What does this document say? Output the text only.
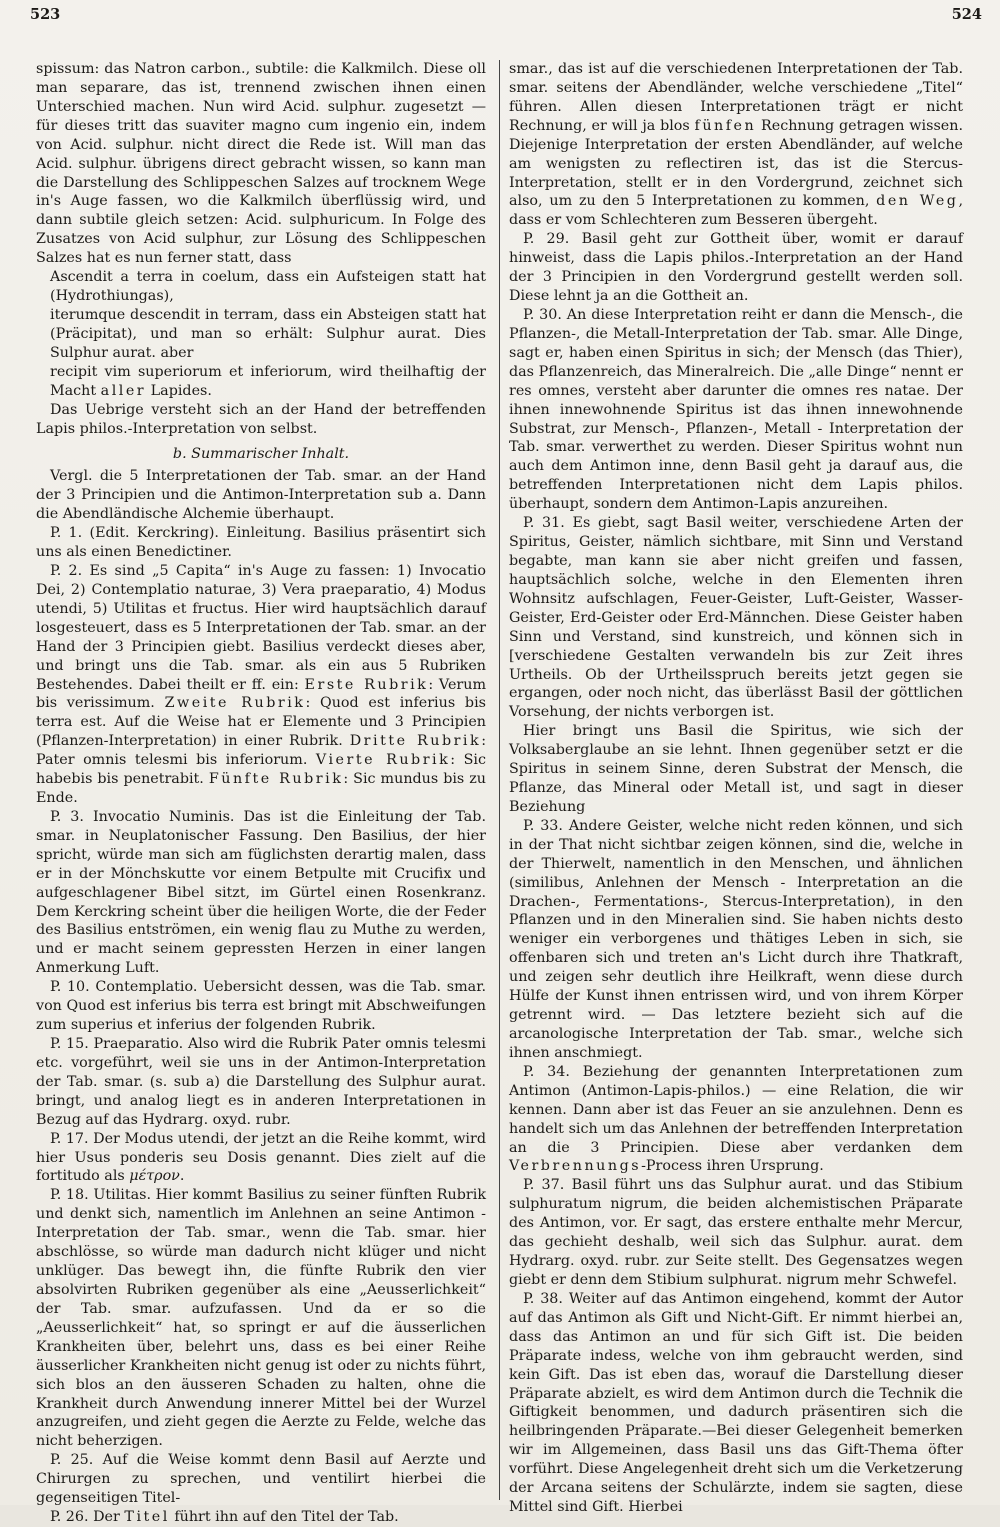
523	524

spissum: das Natron carbon., subtile: die Kalkmilch. Diese oll man separare, das ist, trennend zwischen ihnen einen Unterschied machen. Nun wird Acid. sulphur. zugesetzt — für dieses tritt das suaviter magno cum ingenio ein, indem von Acid. sulphur. nicht direct die Rede ist. Will man das Acid. sulphur. übrigens direct gebracht wissen, so kann man die Darstellung des Schlippeschen Salzes auf trocknem Wege in's Auge fassen, wo die Kalkmilch überflüssig wird, und dann subtile gleich setzen: Acid. sulphuricum. In Folge des Zusatzes von Acid sulphur, zur Lösung des Schlippeschen Salzes hat es nun ferner statt, dass

Ascendit a terra in coelum, dass ein Aufsteigen statt hat (Hydrothiungas),

iterumque descendit in terram, dass ein Absteigen statt hat (Präcipitat), und man so erhält: Sulphur aurat. Dies Sulphur aurat. aber

recipit vim superiorum et inferiorum, wird theilhaftig der Macht aller Lapides.

Das Uebrige versteht sich an der Hand der betreffenden Lapis philos.-Interpretation von selbst.

b. Summarischer Inhalt.

Vergl. die 5 Interpretationen der Tab. smar. an der Hand der 3 Principien und die Antimon-Interpretation sub a. Dann die Abendländische Alchemie überhaupt.

P. 1. (Edit. Kerckring). Einleitung. Basilius präsentirt sich uns als einen Benedictiner.

P. 2. Es sind „5 Capita“ in's Auge zu fassen: 1) Invocatio Dei, 2) Contemplatio naturae, 3) Vera praeparatio, 4) Modus utendi, 5) Utilitas et fructus. Hier wird hauptsächlich darauf losgesteuert, dass es 5 Interpretationen der Tab. smar. an der Hand der 3 Principien giebt. Basilius verdeckt dieses aber, und bringt uns die Tab. smar. als ein aus 5 Rubriken Bestehendes. Dabei theilt er ff. ein: Erste Rubrik: Verum bis verissimum. Zweite Rubrik: Quod est inferius bis terra est. Auf die Weise hat er Elemente und 3 Principien (Pflanzen-Interpretation) in einer Rubrik. Dritte Rubrik: Pater omnis telesmi bis inferiorum. Vierte Rubrik: Sic habebis bis penetrabit. Fünfte Rubrik: Sic mundus bis zu Ende.

P. 3. Invocatio Numinis. Das ist die Einleitung der Tab. smar. in Neuplatonischer Fassung. Den Basilius, der hier spricht, würde man sich am füglichsten derartig malen, dass er in der Mönchskutte vor einem Betpulte mit Crucifix und aufgeschlagener Bibel sitzt, im Gürtel einen Rosenkranz. Dem Kerckring scheint über die heiligen Worte, die der Feder des Basilius entströmen, ein wenig flau zu Muthe zu werden, und er macht seinem gepressten Herzen in einer langen Anmerkung Luft.

P. 10. Contemplatio. Uebersicht dessen, was die Tab. smar. von Quod est inferius bis terra est bringt mit Abschweifungen zum superius et inferius der folgenden Rubrik.

P. 15. Praeparatio. Also wird die Rubrik Pater omnis telesmi etc. vorgeführt, weil sie uns in der Antimon-Interpretation der Tab. smar. (s. sub a) die Darstellung des Sulphur aurat. bringt, und analog liegt es in anderen Interpretationen in Bezug auf das Hydrarg. oxyd. rubr.

P. 17. Der Modus utendi, der jetzt an die Reihe kommt, wird hier Usus ponderis seu Dosis genannt. Dies zielt auf die fortitudo als μέτρον.

P. 18. Utilitas. Hier kommt Basilius zu seiner fünften Rubrik und denkt sich, namentlich im Anlehnen an seine Antimon - Interpretation der Tab. smar., wenn die Tab. smar. hier abschlösse, so würde man dadurch nicht klüger und nicht unklüger. Das bewegt ihn, die fünfte Rubrik den vier absolvirten Rubriken gegenüber als eine „Aeusserlichkeit“ der Tab. smar. aufzufassen. Und da er so die „Aeusserlichkeit“ hat, so springt er auf die äusserlichen Krankheiten über, belehrt uns, dass es bei einer Reihe äusserlicher Krankheiten nicht genug ist oder zu nichts führt, sich blos an den äusseren Schaden zu halten, ohne die Krankheit durch Anwendung innerer Mittel bei der Wurzel anzugreifen, und zieht gegen die Aerzte zu Felde, welche das nicht beherzigen.

P. 25. Auf die Weise kommt denn Basil auf Aerzte und Chirurgen zu sprechen, und ventilirt hierbei die gegenseitigen Titel-

P. 26. Der Titel führt ihn auf den Titel der Tab.

smar., das ist auf die verschiedenen Interpretationen der Tab. smar. seitens der Abendländer, welche verschiedene „Titel“ führen. Allen diesen Interpretationen trägt er nicht Rechnung, er will ja blos fünfen Rechnung getragen wissen. Diejenige Interpretation der ersten Abendländer, auf welche am wenigsten zu reflectiren ist, das ist die Stercus-Interpretation, stellt er in den Vordergrund, zeichnet sich also, um zu den 5 Interpretationen zu kommen, den Weg, dass er vom Schlechteren zum Besseren übergeht.

P. 29. Basil geht zur Gottheit über, womit er darauf hinweist, dass die Lapis philos.-Interpretation an der Hand der 3 Principien in den Vordergrund gestellt werden soll. Diese lehnt ja an die Gottheit an.

P. 30. An diese Interpretation reiht er dann die Mensch-, die Pflanzen-, die Metall-Interpretation der Tab. smar. Alle Dinge, sagt er, haben einen Spiritus in sich; der Mensch (das Thier), das Pflanzenreich, das Mineralreich. Die „alle Dinge“ nennt er res omnes, versteht aber darunter die omnes res natae. Der ihnen innewohnende Spiritus ist das ihnen innewohnende Substrat, zur Mensch-, Pflanzen-, Metall - Interpretation der Tab. smar. verwerthet zu werden. Dieser Spiritus wohnt nun auch dem Antimon inne, denn Basil geht ja darauf aus, die betreffenden Interpretationen nicht dem Lapis philos. überhaupt, sondern dem Antimon-Lapis anzureihen.

P. 31. Es giebt, sagt Basil weiter, verschiedene Arten der Spiritus, Geister, nämlich sichtbare, mit Sinn und Verstand begabte, man kann sie aber nicht greifen und fassen, hauptsächlich solche, welche in den Elementen ihren Wohnsitz aufschlagen, Feuer-Geister, Luft-Geister, Wasser-Geister, Erd-Geister oder Erd-Männchen. Diese Geister haben Sinn und Verstand, sind kunstreich, und können sich in [verschiedene Gestalten verwandeln bis zur Zeit ihres Urtheils. Ob der Urtheilsspruch bereits jetzt gegen sie ergangen, oder noch nicht, das überlässt Basil der göttlichen Vorsehung, der nichts verborgen ist.

Hier bringt uns Basil die Spiritus, wie sich der Volksaberglaube an sie lehnt. Ihnen gegenüber setzt er die Spiritus in seinem Sinne, deren Substrat der Mensch, die Pflanze, das Mineral oder Metall ist, und sagt in dieser Beziehung

P. 33. Andere Geister, welche nicht reden können, und sich in der That nicht sichtbar zeigen können, sind die, welche in der Thierwelt, namentlich in den Menschen, und ähnlichen (similibus, Anlehnen der Mensch - Interpretation an die Drachen-, Fermentations-, Stercus-Interpretation), in den Pflanzen und in den Mineralien sind. Sie haben nichts desto weniger ein verborgenes und thätiges Leben in sich, sie offenbaren sich und treten an's Licht durch ihre Thatkraft, und zeigen sehr deutlich ihre Heilkraft, wenn diese durch Hülfe der Kunst ihnen entrissen wird, und von ihrem Körper getrennt wird. — Das letztere bezieht sich auf die arcanologische Interpretation der Tab. smar., welche sich ihnen anschmiegt.

P. 34. Beziehung der genannten Interpretationen zum Antimon (Antimon-Lapis-philos.) — eine Relation, die wir kennen. Dann aber ist das Feuer an sie anzulehnen. Denn es handelt sich um das Anlehnen der betreffenden Interpretation an die 3 Principien. Diese aber verdanken dem Verbrennungs-Process ihren Ursprung.

P. 37. Basil führt uns das Sulphur aurat. und das Stibium sulphuratum nigrum, die beiden alchemistischen Präparate des Antimon, vor. Er sagt, das erstere enthalte mehr Mercur, das gechieht deshalb, weil sich das Sulphur. aurat. dem Hydrarg. oxyd. rubr. zur Seite stellt. Des Gegensatzes wegen giebt er denn dem Stibium sulphurat. nigrum mehr Schwefel.

P. 38. Weiter auf das Antimon eingehend, kommt der Autor auf das Antimon als Gift und Nicht-Gift. Er nimmt hierbei an, dass das Antimon an und für sich Gift ist. Die beiden Präparate indess, welche von ihm gebraucht werden, sind kein Gift. Das ist eben das, worauf die Darstellung dieser Präparate abzielt, es wird dem Antimon durch die Technik die Giftigkeit benommen, und dadurch präsentiren sich die heilbringenden Präparate.—Bei dieser Gelegenheit bemerken wir im Allgemeinen, dass Basil uns das Gift-Thema öfter vorführt. Diese Angelegenheit dreht sich um die Verketzerung der Arcana seitens der Schulärzte, indem sie sagten, diese Mittel sind Gift. Hierbei
